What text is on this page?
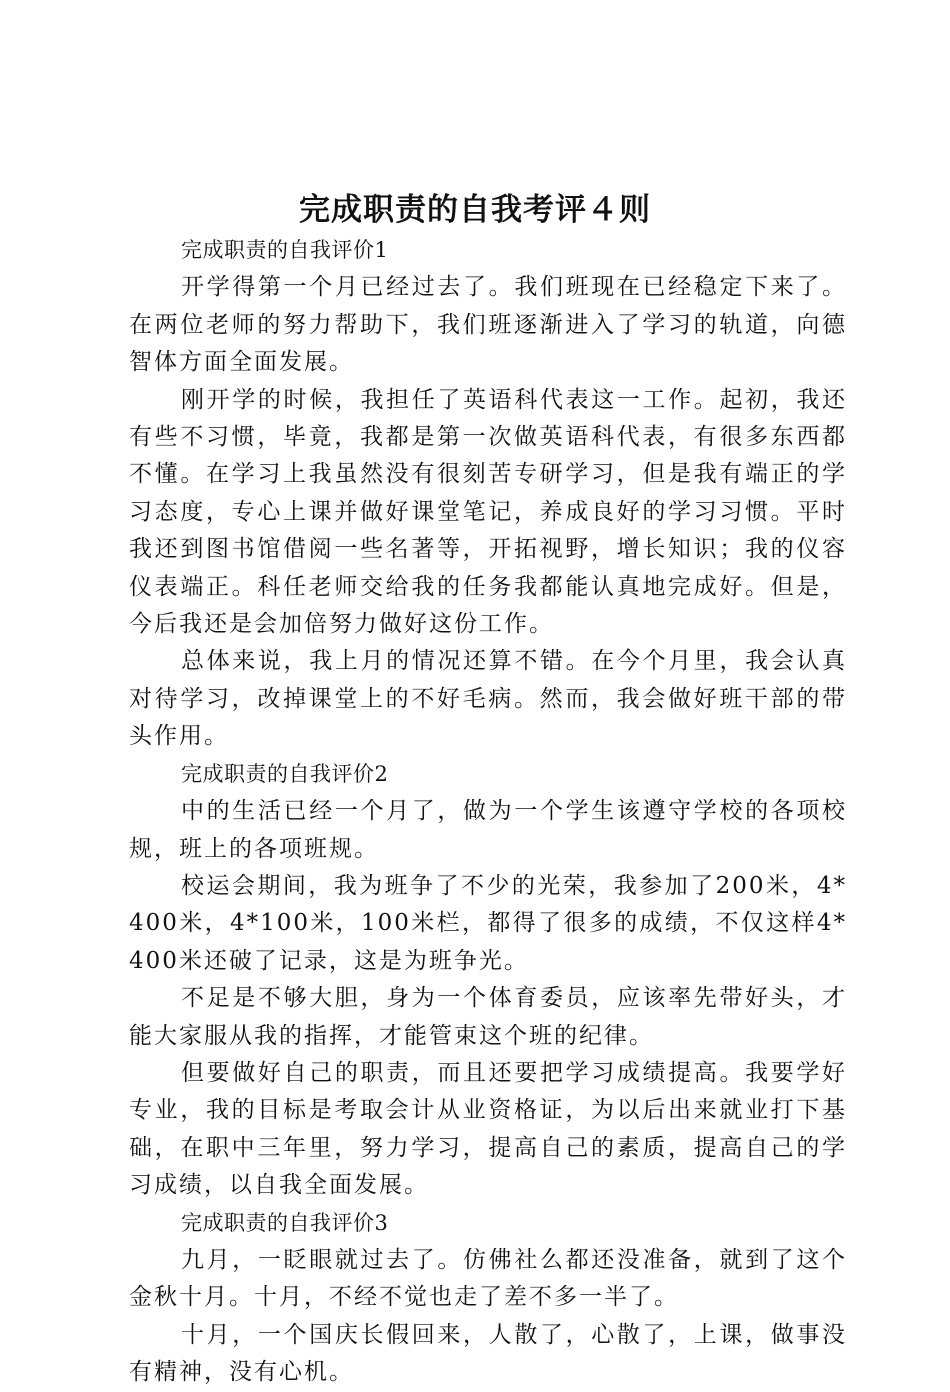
完成职责的自我考评４则

完成职责的自我评价1

开学得第一个月已经过去了。我们班现在已经稳定下来了。在两位老师的努力帮助下，我们班逐渐进入了学习的轨道，向德智体方面全面发展。

刚开学的时候，我担任了英语科代表这一工作。起初，我还有些不习惯，毕竟，我都是第一次做英语科代表，有很多东西都不懂。在学习上我虽然没有很刻苦专研学习，但是我有端正的学习态度，专心上课并做好课堂笔记，养成良好的学习习惯。平时我还到图书馆借阅一些名著等，开拓视野，增长知识；我的仪容仪表端正。科任老师交给我的任务我都能认真地完成好。但是，今后我还是会加倍努力做好这份工作。

总体来说，我上月的情况还算不错。在今个月里，我会认真对待学习，改掉课堂上的不好毛病。然而，我会做好班干部的带头作用。

完成职责的自我评价2

中的生活已经一个月了，做为一个学生该遵守学校的各项校规，班上的各项班规。

校运会期间，我为班争了不少的光荣，我参加了200米，4*400米，4*100米，100米栏，都得了很多的成绩，不仅这样4*400米还破了记录，这是为班争光。

不足是不够大胆，身为一个体育委员，应该率先带好头，才能大家服从我的指挥，才能管束这个班的纪律。

但要做好自己的职责，而且还要把学习成绩提高。我要学好专业，我的目标是考取会计从业资格证，为以后出来就业打下基础，在职中三年里，努力学习，提高自己的素质，提高自己的学习成绩，以自我全面发展。

完成职责的自我评价3

九月，一眨眼就过去了。仿佛社么都还没准备，就到了这个金秋十月。十月，不经不觉也走了差不多一半了。

十月，一个国庆长假回来，人散了，心散了，上课，做事没有精神，没有心机。
